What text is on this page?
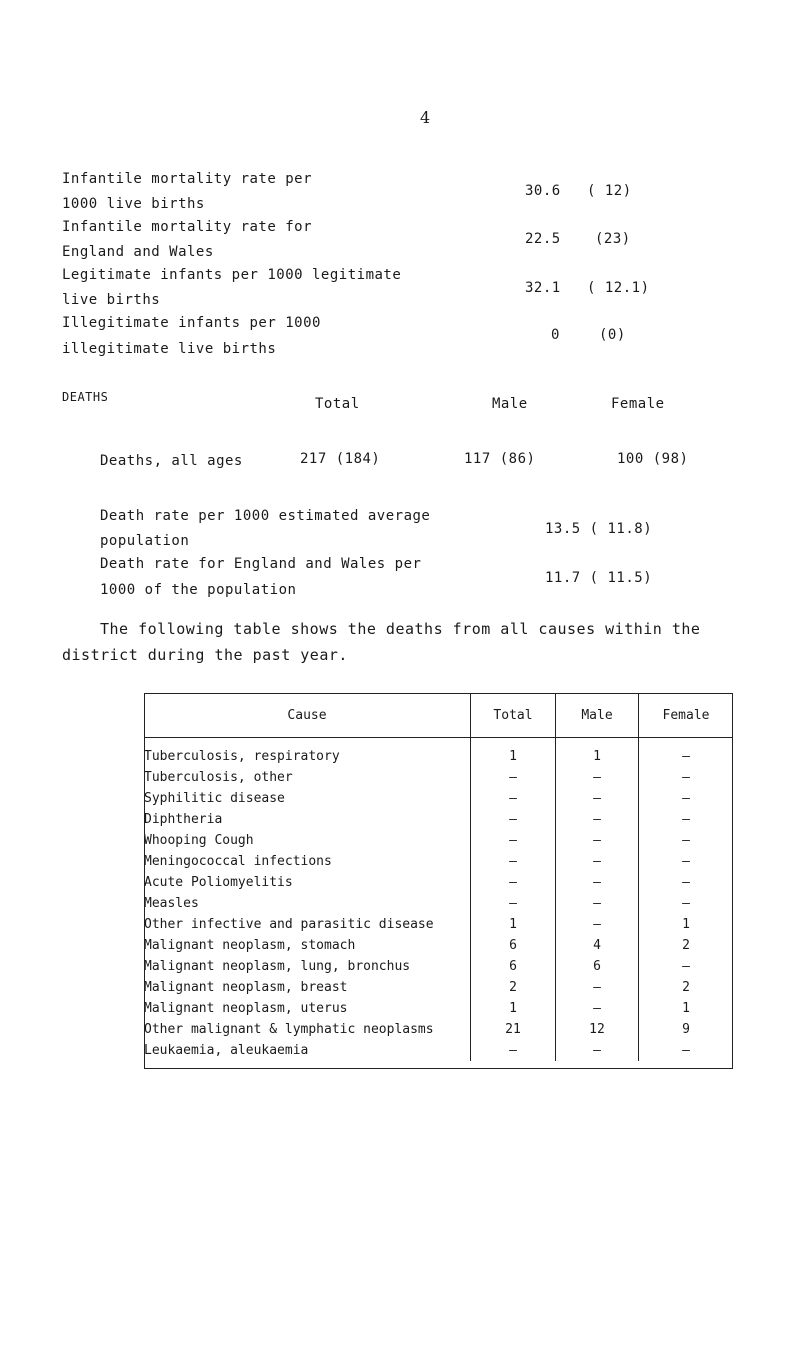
4
Infantile mortality rate per
1000 live births
30.6 ( 12)
Infantile mortality rate for
England and Wales
22.5 (23)
Legitimate infants per 1000 legitimate
live births
32.1 ( 12.1)
Illegitimate infants per 1000
illegitimate live births
0	(0)
DEATHS	Total	Male	Female
Deaths, all ages	217 (184)	117 (86)	100 (98)
Death rate per 1000 estimated average
population
13.5 ( 11.8)
Death rate for England and Wales per
1000 of the population
11.7 ( 11.5)
The following table shows the deaths from all causes within the
district during the past year.
Cause	Total	Male	Female
Tuberculosis, respiratory	1	1	–
Tuberculosis, other	–	–	–
Syphilitic disease	–	–	–
Diphtheria	–	–	–
Whooping Cough	–	–	–
Meningococcal infections	–	–	–
Acute Poliomyelitis	–	–	–
Measles	–	–	–
Other infective and parasitic disease	1	–	1
Malignant neoplasm, stomach	6	4	2
Malignant neoplasm, lung, bronchus	6	6	–
Malignant neoplasm, breast	2	–	2
Malignant neoplasm, uterus	1	–	1
Other malignant & lymphatic neoplasms	21	12	9
Leukaemia, aleukaemia	–	–	–
